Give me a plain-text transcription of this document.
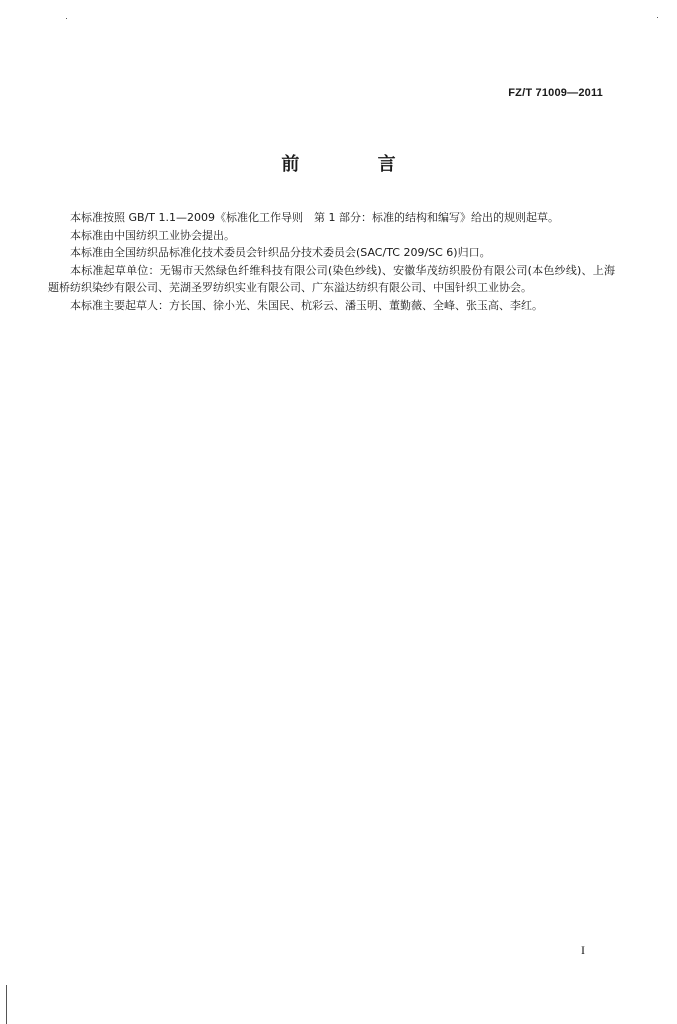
FZ/T 71009—2011
前 言

本标准按照 GB/T 1.1—2009《标准化工作导则　第 1 部分：标准的结构和编写》给出的规则起草。

本标准由中国纺织工业协会提出。

本标准由全国纺织品标准化技术委员会针织品分技术委员会(SAC/TC 209/SC 6)归口。

本标准起草单位：无锡市天然绿色纤维科技有限公司(染色纱线)、安徽华茂纺织股份有限公司(本色纱线)、上海题桥纺织染纱有限公司、芜湖圣罗纺织实业有限公司、广东溢达纺织有限公司、中国针织工业协会。

本标准主要起草人：方长国、徐小光、朱国民、杭彩云、潘玉明、董勤薇、全峰、张玉高、李红。

I
